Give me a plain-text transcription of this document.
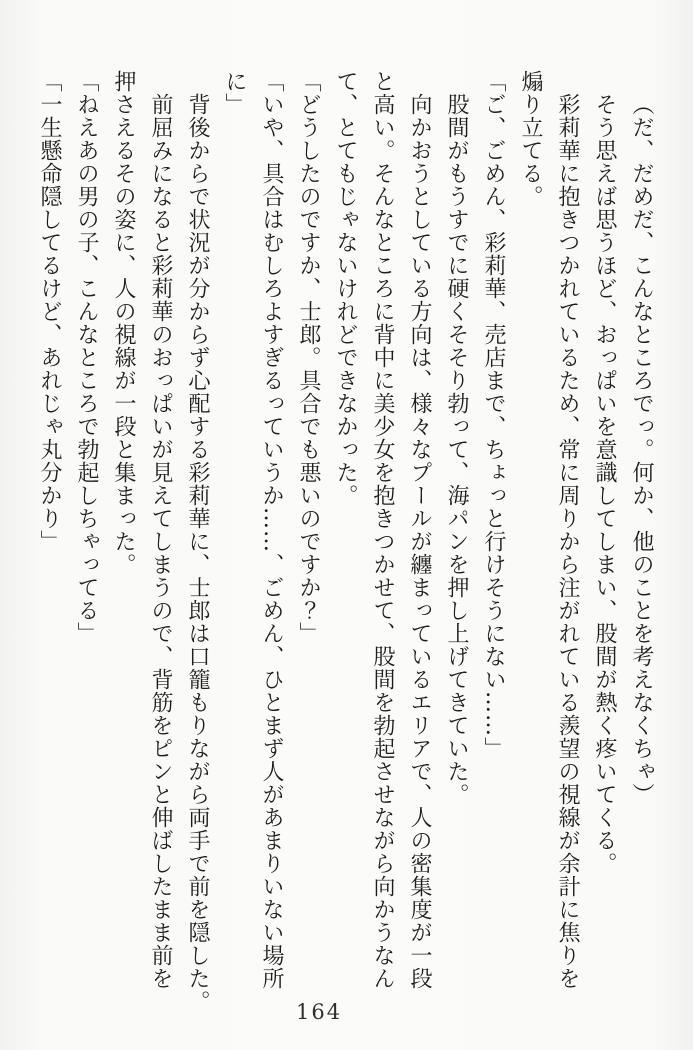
（だ、だめだ、こんなところでっ。何か、他のことを考えなくちゃ）

そう思えば思うほど、おっぱいを意識してしまい、股間が熱く疼いてくる。

彩莉華に抱きつかれているため、常に周りから注がれている羨望の視線が余計に焦りを

煽り立てる。

「ご、ごめん、彩莉華、売店まで、ちょっと行けそうにない……」

股間がもうすでに硬くそそり勃って、海パンを押し上げてきていた。

向かおうとしている方向は、様々なプールが纏まっているエリアで、人の密集度が一段

と高い。そんなところに背中に美少女を抱きつかせて、股間を勃起させながら向かうなん

て、とてもじゃないけれどできなかった。

「どうしたのですか、士郎。具合でも悪いのですか？」

「いや、具合はむしろよすぎるっていうか……、ごめん、ひとまず人があまりいない場所

に」

背後からで状況が分からず心配する彩莉華に、士郎は口籠もりながら両手で前を隠した。

前屈みになると彩莉華のおっぱいが見えてしまうので、背筋をピンと伸ばしたまま前を

押さえるその姿に、人の視線が一段と集まった。

「ねえあの男の子、こんなところで勃起しちゃってる」

「一生懸命隠してるけど、あれじゃ丸分かり」

164
